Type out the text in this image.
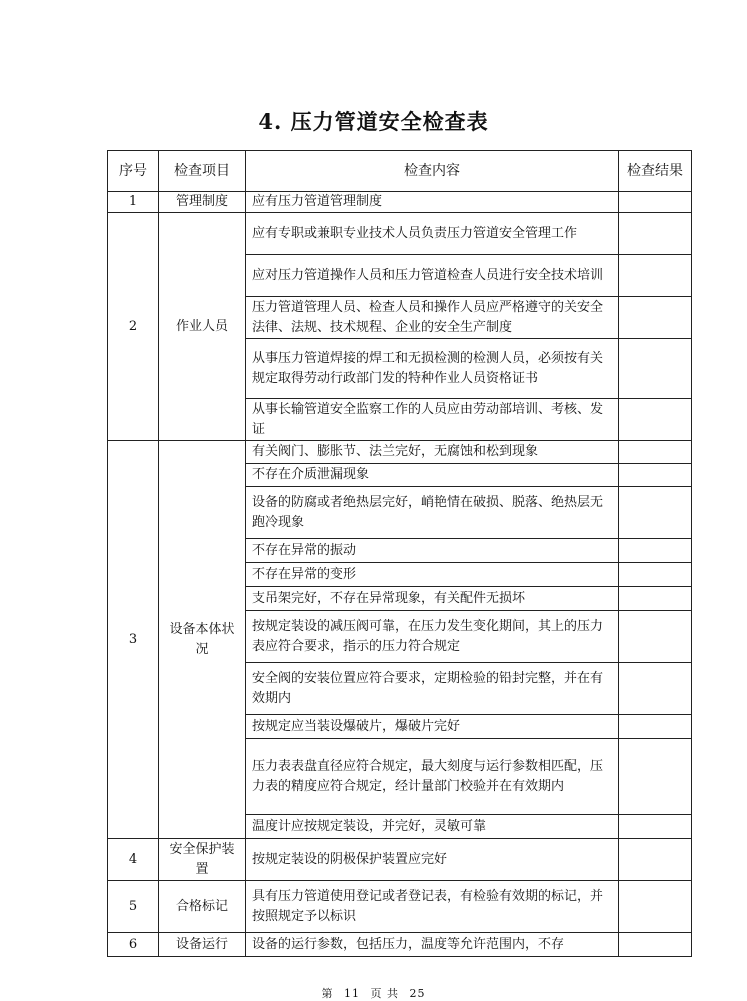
4. 压力管道安全检查表
序号	检查项目	检查内容	检查结果
1	管理制度	应有压力管道管理制度	
2	作业人员	应有专职或兼职专业技术人员负责压力管道安全管理工作	
		应对压力管道操作人员和压力管道检查人员进行安全技术培训	
		压力管道管理人员、检查人员和操作人员应严格遵守的关安全法律、法规、技术规程、企业的安全生产制度	
		从事压力管道焊接的焊工和无损检测的检测人员，必须按有关规定取得劳动行政部门发的特种作业人员资格证书	
		从事长输管道安全监察工作的人员应由劳动部培训、考核、发证	
3	设备本体状况	有关阀门、膨胀节、法兰完好，无腐蚀和松到现象	
		不存在介质泄漏现象	
		设备的防腐或者绝热层完好，峭艳情在破损、脱落、绝热层无跑冷现象	
		不存在异常的振动	
		不存在异常的变形	
		支吊架完好，不存在异常现象，有关配件无损坏	
		按规定装设的减压阀可靠，在压力发生变化期间，其上的压力表应符合要求，指示的压力符合规定	
		安全阀的安装位置应符合要求，定期检验的铅封完整，并在有效期内	
		按规定应当装设爆破片，爆破片完好	
		压力表表盘直径应符合规定，最大刻度与运行参数相匹配，压力表的精度应符合规定，经计量部门校验并在有效期内	
		温度计应按规定装设，并完好，灵敏可靠	
4	安全保护装置	按规定装设的阴极保护装置应完好	
5	合格标记	具有压力管道使用登记或者登记表，有检验有效期的标记，并按照规定予以标识	
6	设备运行	设备的运行参数，包括压力，温度等允许范围内，不存	
第 11 页 共 25
